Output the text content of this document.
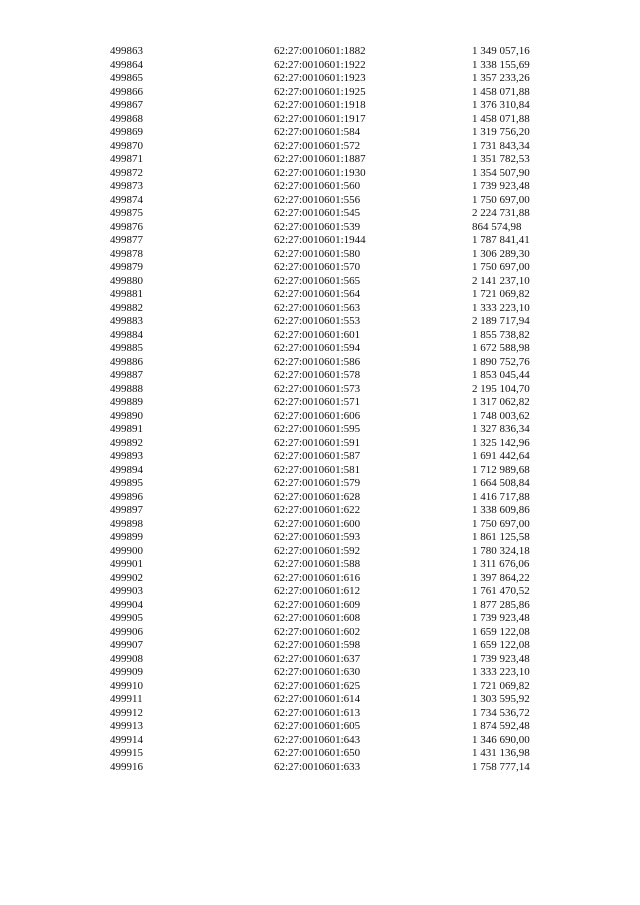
499863	62:27:0010601:1882	1 349 057,16
499864	62:27:0010601:1922	1 338 155,69
499865	62:27:0010601:1923	1 357 233,26
499866	62:27:0010601:1925	1 458 071,88
499867	62:27:0010601:1918	1 376 310,84
499868	62:27:0010601:1917	1 458 071,88
499869	62:27:0010601:584	1 319 756,20
499870	62:27:0010601:572	1 731 843,34
499871	62:27:0010601:1887	1 351 782,53
499872	62:27:0010601:1930	1 354 507,90
499873	62:27:0010601:560	1 739 923,48
499874	62:27:0010601:556	1 750 697,00
499875	62:27:0010601:545	2 224 731,88
499876	62:27:0010601:539	864 574,98
499877	62:27:0010601:1944	1 787 841,41
499878	62:27:0010601:580	1 306 289,30
499879	62:27:0010601:570	1 750 697,00
499880	62:27:0010601:565	2 141 237,10
499881	62:27:0010601:564	1 721 069,82
499882	62:27:0010601:563	1 333 223,10
499883	62:27:0010601:553	2 189 717,94
499884	62:27:0010601:601	1 855 738,82
499885	62:27:0010601:594	1 672 588,98
499886	62:27:0010601:586	1 890 752,76
499887	62:27:0010601:578	1 853 045,44
499888	62:27:0010601:573	2 195 104,70
499889	62:27:0010601:571	1 317 062,82
499890	62:27:0010601:606	1 748 003,62
499891	62:27:0010601:595	1 327 836,34
499892	62:27:0010601:591	1 325 142,96
499893	62:27:0010601:587	1 691 442,64
499894	62:27:0010601:581	1 712 989,68
499895	62:27:0010601:579	1 664 508,84
499896	62:27:0010601:628	1 416 717,88
499897	62:27:0010601:622	1 338 609,86
499898	62:27:0010601:600	1 750 697,00
499899	62:27:0010601:593	1 861 125,58
499900	62:27:0010601:592	1 780 324,18
499901	62:27:0010601:588	1 311 676,06
499902	62:27:0010601:616	1 397 864,22
499903	62:27:0010601:612	1 761 470,52
499904	62:27:0010601:609	1 877 285,86
499905	62:27:0010601:608	1 739 923,48
499906	62:27:0010601:602	1 659 122,08
499907	62:27:0010601:598	1 659 122,08
499908	62:27:0010601:637	1 739 923,48
499909	62:27:0010601:630	1 333 223,10
499910	62:27:0010601:625	1 721 069,82
499911	62:27:0010601:614	1 303 595,92
499912	62:27:0010601:613	1 734 536,72
499913	62:27:0010601:605	1 874 592,48
499914	62:27:0010601:643	1 346 690,00
499915	62:27:0010601:650	1 431 136,98
499916	62:27:0010601:633	1 758 777,14
